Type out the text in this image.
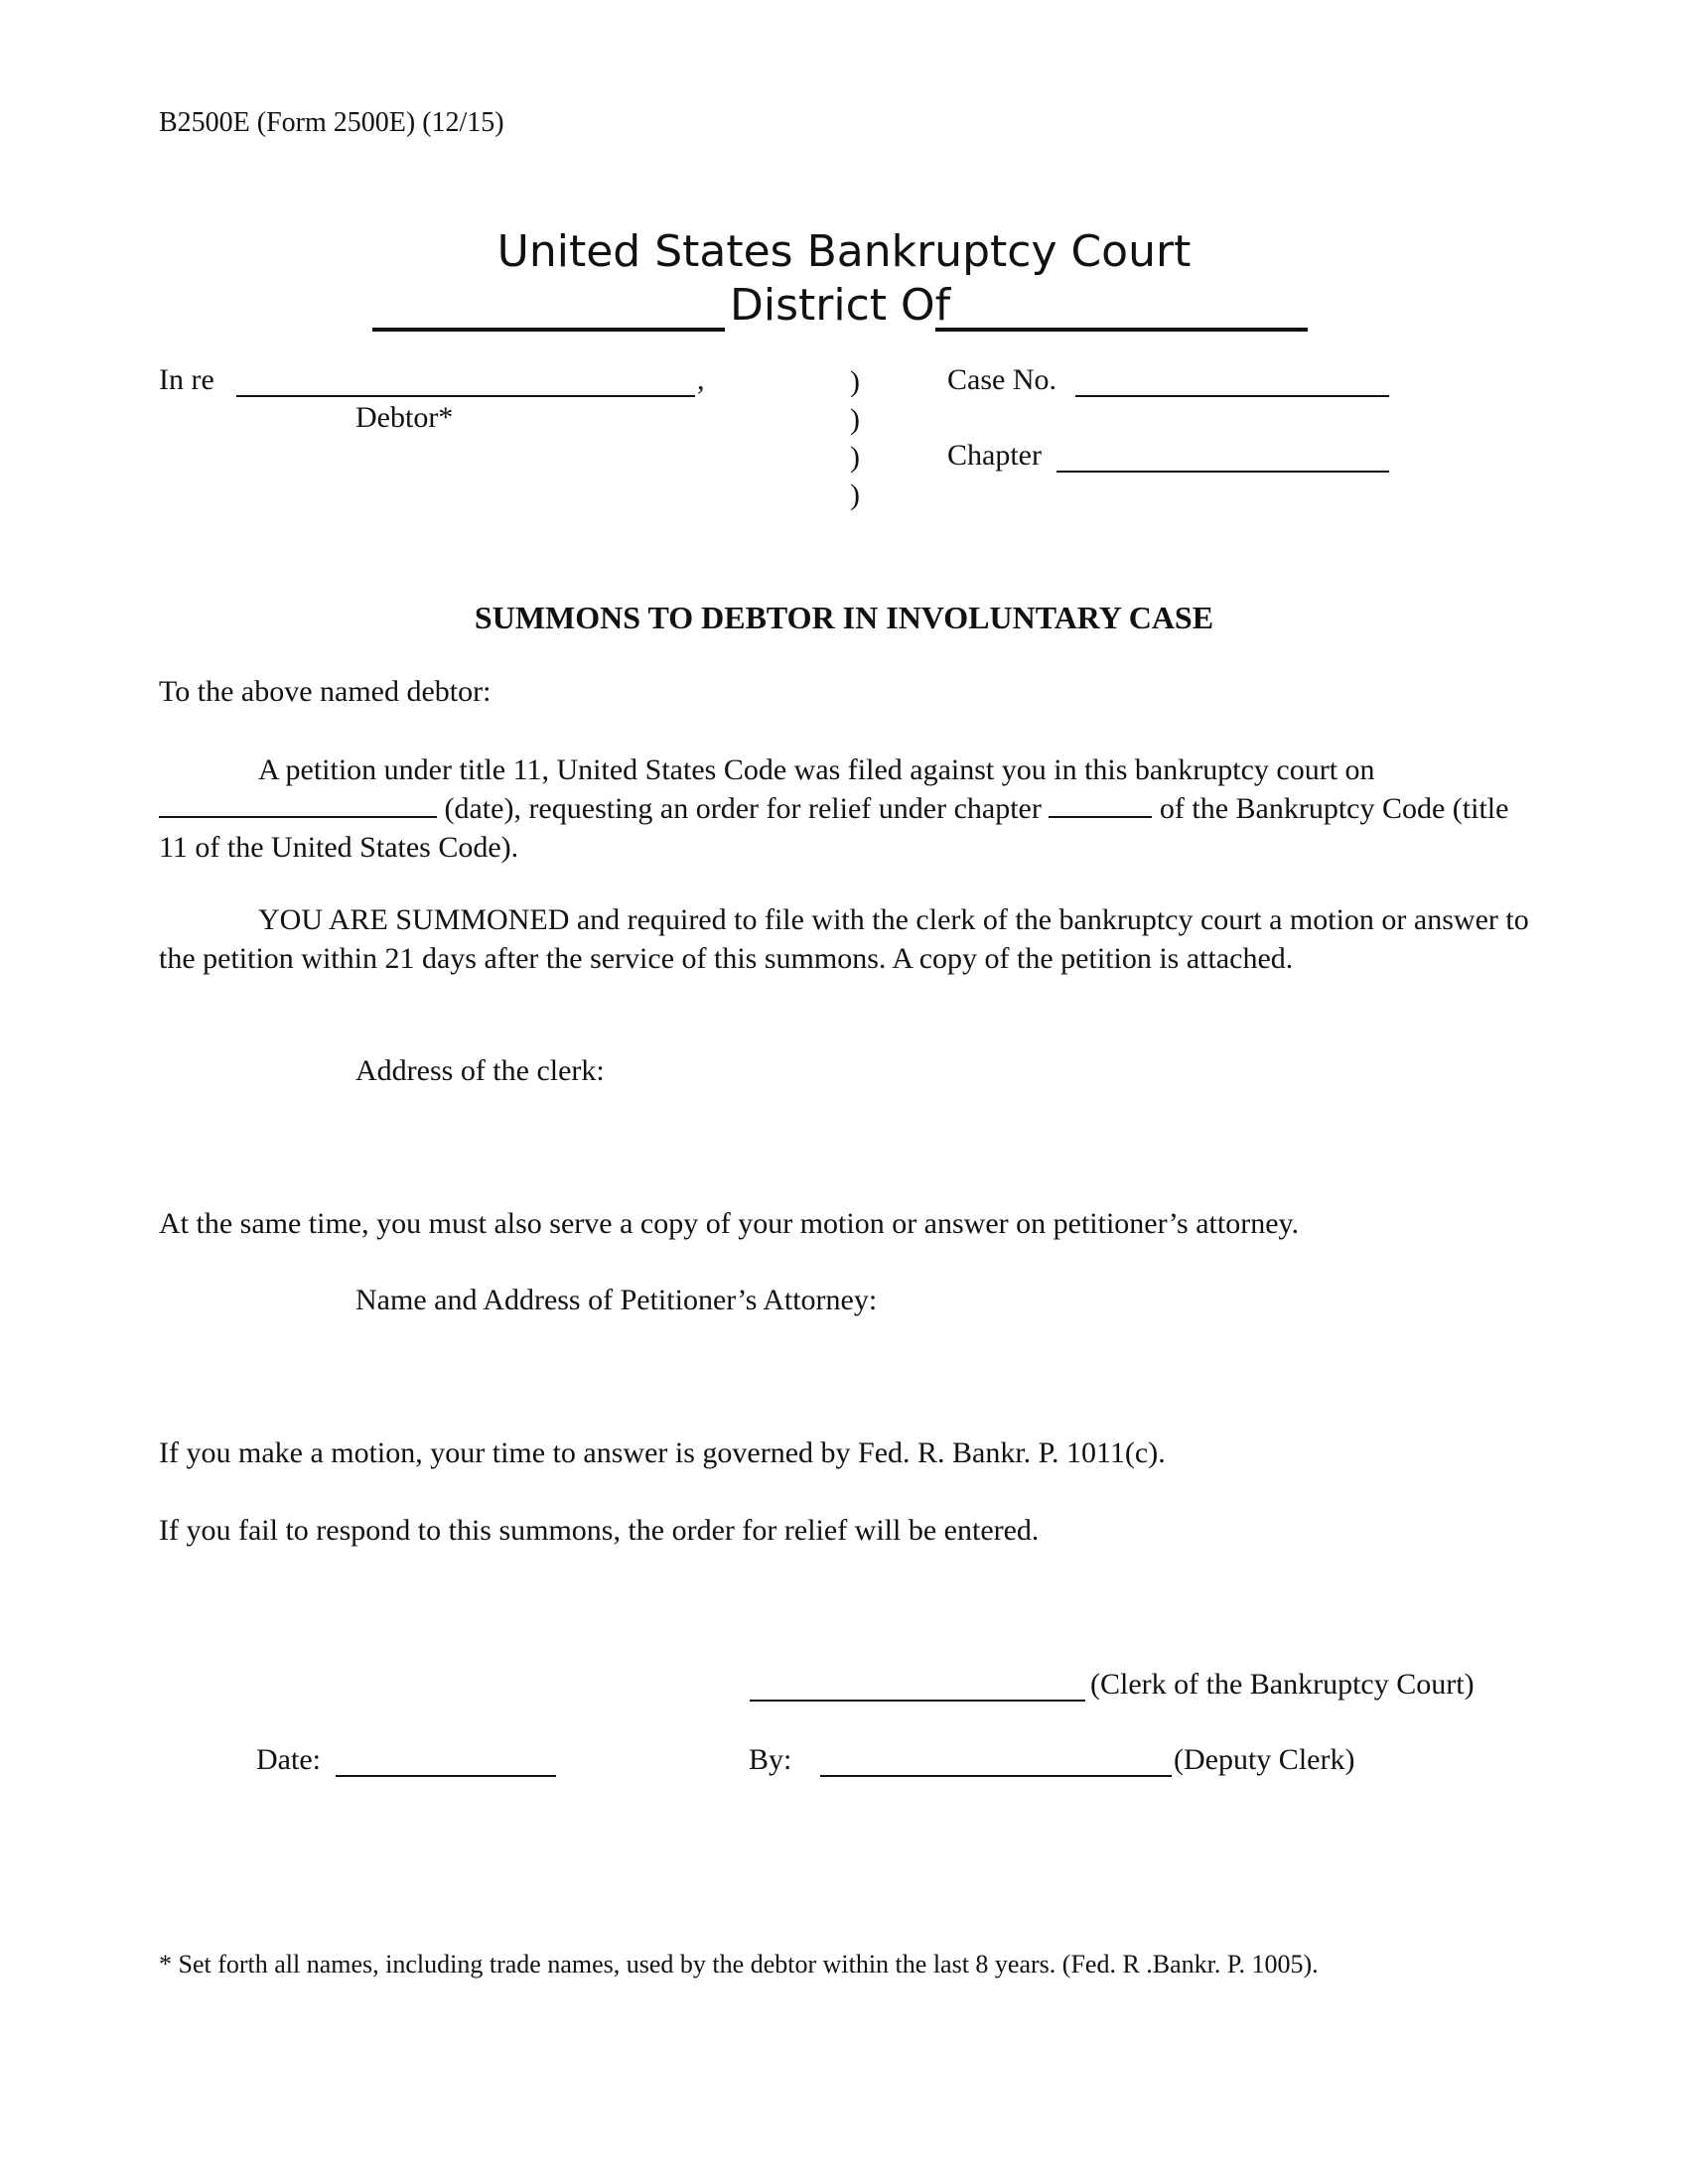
B2500E (Form 2500E) (12/15)
United States Bankruptcy Court
District Of
In re	,
Debtor*
)
)
)
)
Case No.
Chapter
SUMMONS TO DEBTOR IN INVOLUNTARY CASE
To the above named debtor:
A petition under title 11, United States Code was filed against you in this bankruptcy court on  (date), requesting an order for relief under chapter	of the Bankruptcy Code (title 11 of the United States Code).
YOU ARE SUMMONED and required to file with the clerk of the bankruptcy court a motion or answer to the petition within 21 days after the service of this summons. A copy of the petition is attached.
Address of the clerk:
At the same time, you must also serve a copy of your motion or answer on petitioner’s attorney.
Name and Address of Petitioner’s Attorney:
If you make a motion, your time to answer is governed by Fed. R. Bankr. P. 1011(c).
If you fail to respond to this summons, the order for relief will be entered.
(Clerk of the Bankruptcy Court)
Date:	By:	(Deputy Clerk)
* Set forth all names, including trade names, used by the debtor within the last 8 years. (Fed. R .Bankr. P. 1005).
